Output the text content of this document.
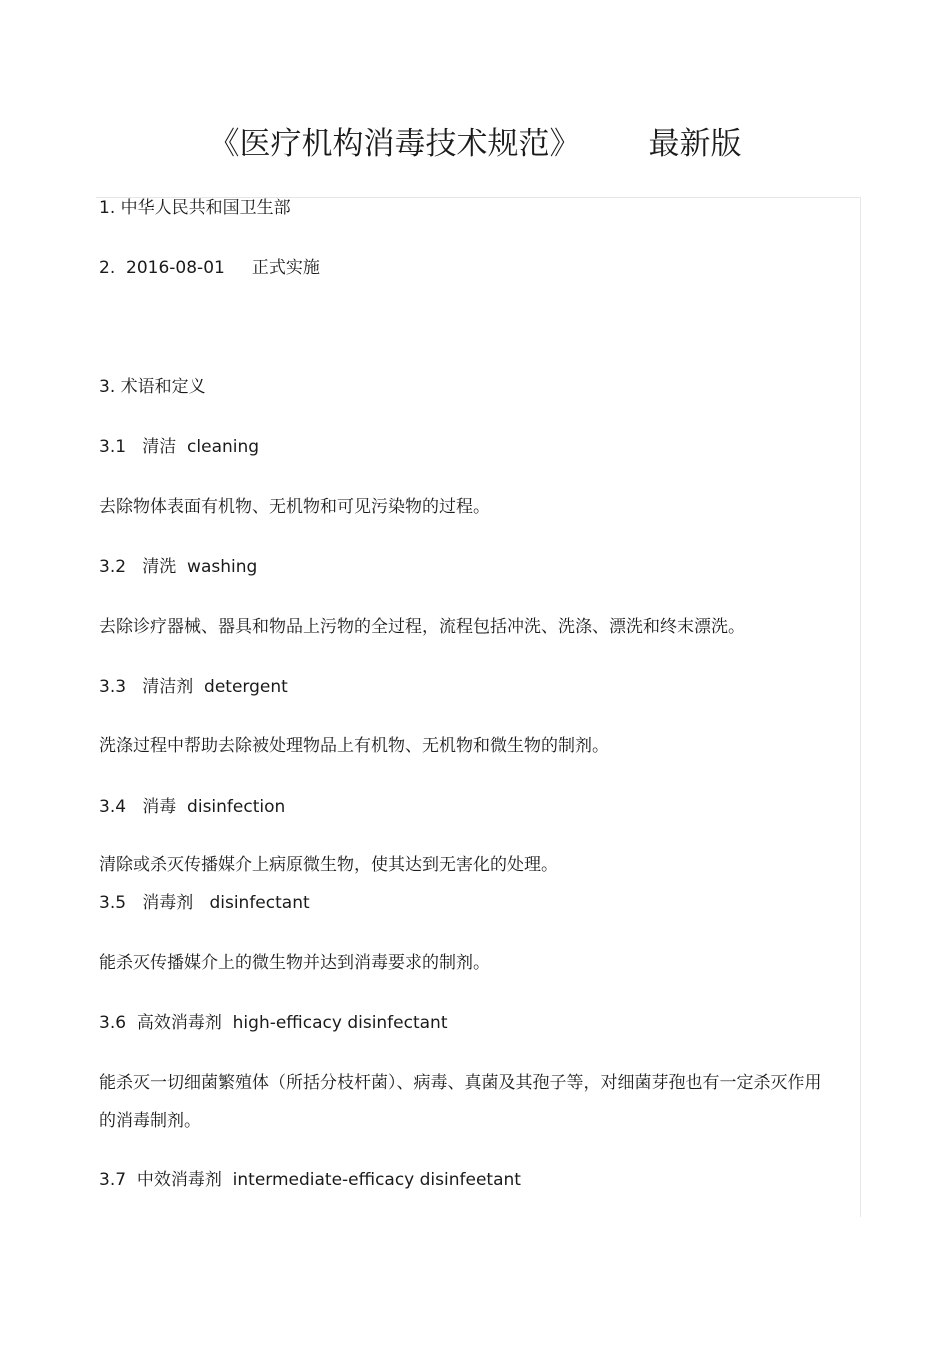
《医疗机构消毒技术规范》 最新版
1. 中华人民共和国卫生部
2.  2016-08-01     正式实施
3. 术语和定义
3.1   清洁  cleaning
去除物体表面有机物、无机物和可见污染物的过程。
3.2   清洗  washing
去除诊疗器械、器具和物品上污物的全过程，流程包括冲洗、洗涤、漂洗和终末漂洗。
3.3   清洁剂  detergent
洗涤过程中帮助去除被处理物品上有机物、无机物和微生物的制剂。
3.4   消毒  disinfection
清除或杀灭传播媒介上病原微生物，使其达到无害化的处理。
3.5   消毒剂   disinfectant
能杀灭传播媒介上的微生物并达到消毒要求的制剂。
3.6  高效消毒剂  high-efficacy disinfectant
能杀灭一切细菌繁殖体（所括分枝杆菌）、病毒、真菌及其孢子等，对细菌芽孢也有一定杀灭作用的消毒制剂。
3.7  中效消毒剂  intermediate-efficacy disinfeetant
